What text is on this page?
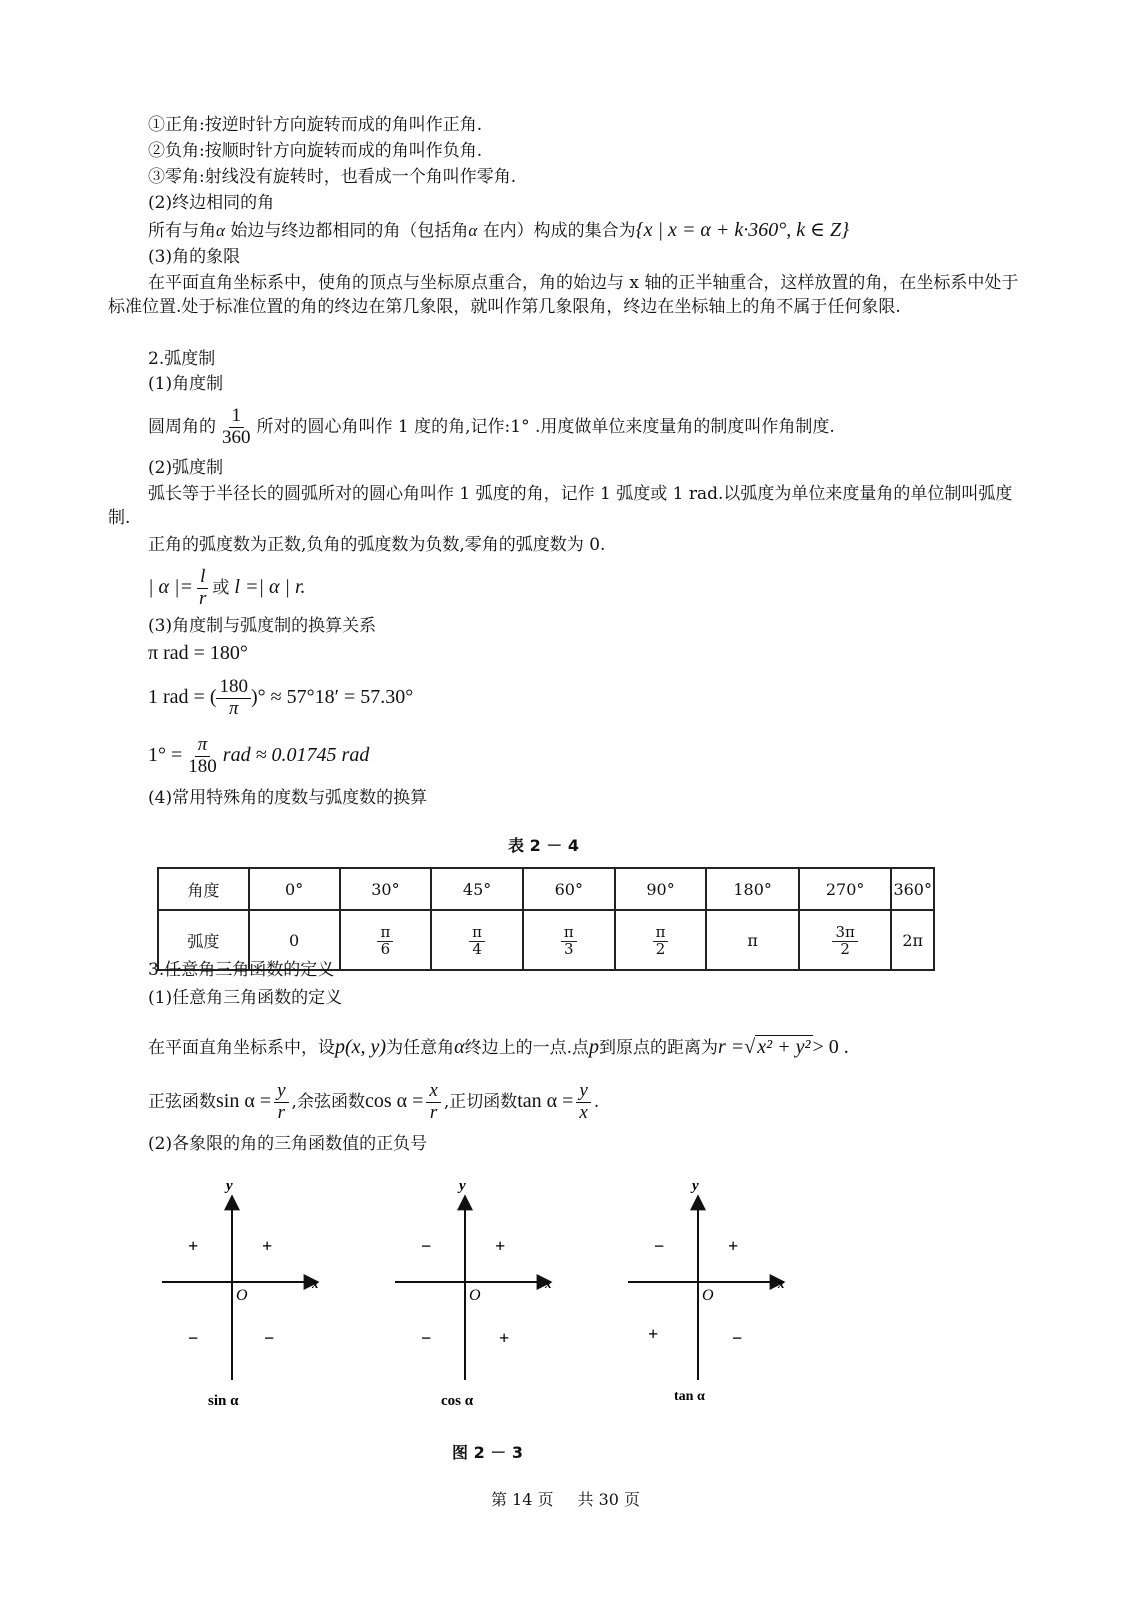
①正角:按逆时针方向旋转而成的角叫作正角.
②负角:按顺时针方向旋转而成的角叫作负角.
③零角:射线没有旋转时，也看成一个角叫作零角.
(2)终边相同的角
所有与角α 始边与终边都相同的角（包括角α 在内）构成的集合为{x | x = α + k·360°, k ∈ Z}
(3)角的象限
在平面直角坐标系中，使角的顶点与坐标原点重合，角的始边与 x 轴的正半轴重合，这样放置的角，在坐标系中处于标准位置.处于标准位置的角的终边在第几象限，就叫作第几象限角，终边在坐标轴上的角不属于任何象限.
2.弧度制
(1)角度制
圆周角的 $\frac{1}{360}$ 所对的圆心角叫作 1 度的角,记作:1° .用度做单位来度量角的制度叫作角制度.
(2)弧度制
弧长等于半径长的圆弧所对的圆心角叫作 1 弧度的角，记作 1 弧度或 1 rad.以弧度为单位来度量角的单位制叫弧度制.
正角的弧度数为正数,负角的弧度数为负数,零角的弧度数为 0.
| α |= $\frac{l}{r}$ 或 l =| α | r.
(3)角度制与弧度制的换算关系
π rad = 180°
1 rad = ( $\frac{180}{\pi}$ )° ≈ 57°18′ = 57.30°
$1^\circ = \frac{\pi}{180}$ rad ≈ 0.01745 rad
(4)常用特殊角的度数与弧度数的换算
表 2 － 4
角度	0°	30°	45°	60°	90°	180°	270°	360°
弧度	0	$\frac{\pi}{6}$	$\frac{\pi}{4}$	$\frac{\pi}{3}$	$\frac{\pi}{2}$	π	$\frac{3\pi}{2}$	2π
3.任意角三角函数的定义
(1)任意角三角函数的定义
在平面直角坐标系中，设p(x, y)为任意角α终边上的一点.点p到原点的距离为r =√ x² + y² > 0 .
正弦函数$\sin \alpha = \frac{y}{r}$ ,余弦函数$\cos \alpha = \frac{x}{r}$ ,正切函数$\tan \alpha = \frac{y}{x}$ .
(2)各象限的角的三角函数值的正负号
y
x
O
+
+
−	−
sin α
y
x
O
+
−
−	+
cos α
y
x
O
+
−
+	−
tan α
图 2 － 3
第 14 页 共 30 页
